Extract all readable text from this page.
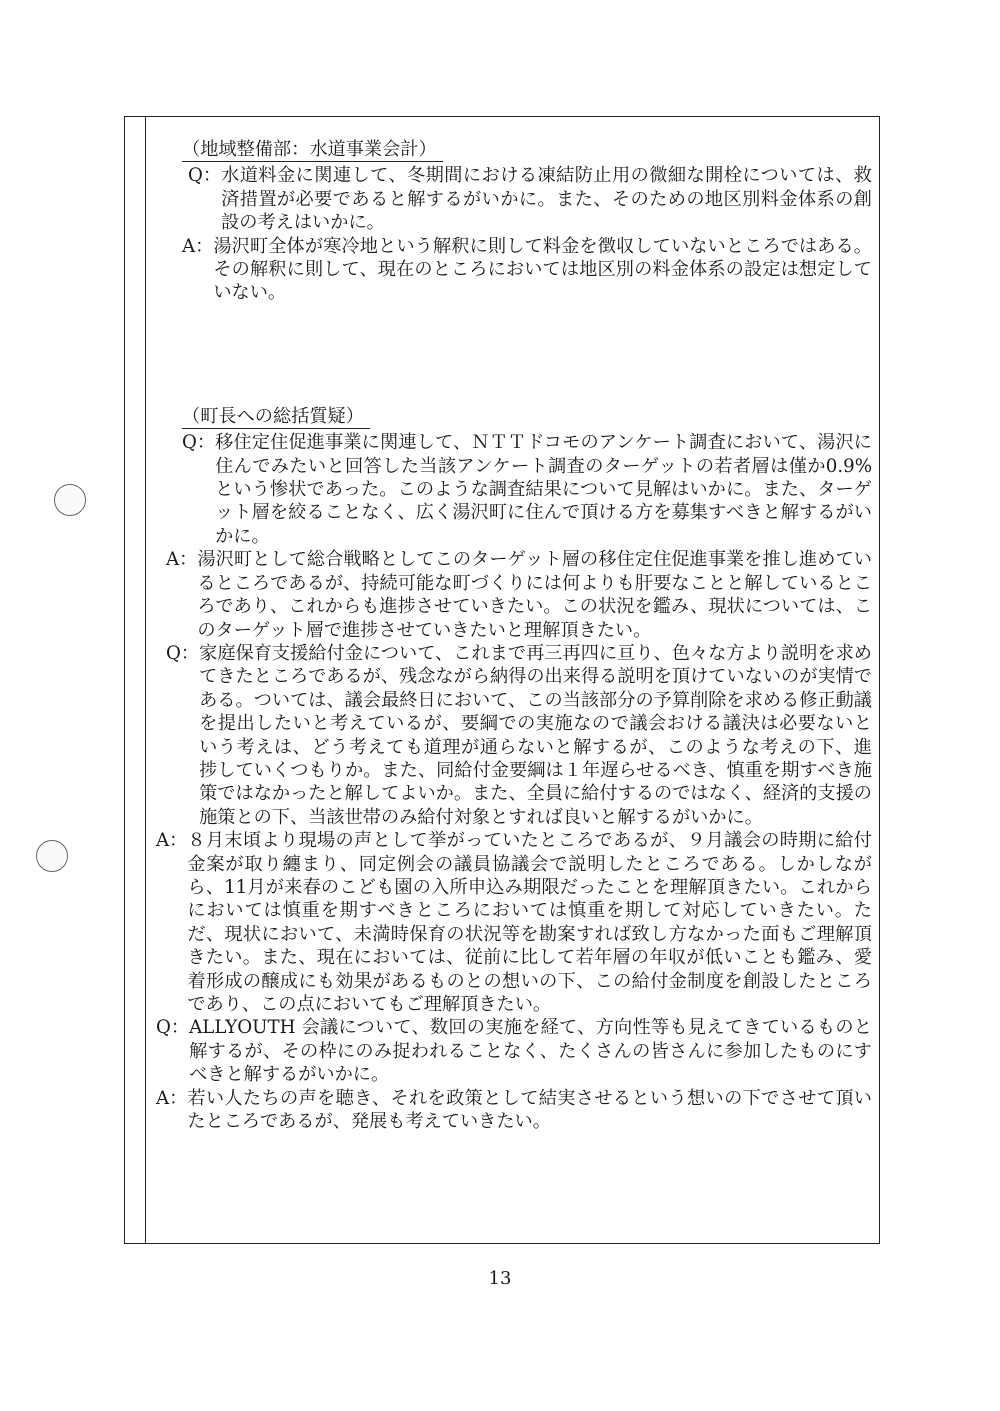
（地域整備部：水道事業会計）
Q： 水道料金に関連して、冬期間における凍結防止用の微細な開栓については、救済措置が必要であると解するがいかに。また、そのための地区別料金体系の創設の考えはいかに。
A： 湯沢町全体が寒冷地という解釈に則して料金を徴収していないところではある。その解釈に則して、現在のところにおいては地区別の料金体系の設定は想定していない。
（町長への総括質疑）
Q： 移住定住促進事業に関連して、ＮＴＴドコモのアンケート調査において、湯沢に住んでみたいと回答した当該アンケート調査のターゲットの若者層は僅か0.9%という惨状であった。このような調査結果について見解はいかに。また、ターゲット層を絞ることなく、広く湯沢町に住んで頂ける方を募集すべきと解するがいかに。
A： 湯沢町として総合戦略としてこのターゲット層の移住定住促進事業を推し進めているところであるが、持続可能な町づくりには何よりも肝要なことと解しているところであり、これからも進捗させていきたい。この状況を鑑み、現状については、このターゲット層で進捗させていきたいと理解頂きたい。
Q： 家庭保育支援給付金について、これまで再三再四に亘り、色々な方より説明を求めてきたところであるが、残念ながら納得の出来得る説明を頂けていないのが実情である。ついては、議会最終日において、この当該部分の予算削除を求める修正動議を提出したいと考えているが、要綱での実施なので議会おける議決は必要ないという考えは、どう考えても道理が通らないと解するが、このような考えの下、進捗していくつもりか。また、同給付金要綱は１年遅らせるべき、慎重を期すべき施策ではなかったと解してよいか。また、全員に給付するのではなく、経済的支援の施策との下、当該世帯のみ給付対象とすれば良いと解するがいかに。
A： ８月末頃より現場の声として挙がっていたところであるが、９月議会の時期に給付金案が取り纏まり、同定例会の議員協議会で説明したところである。しかしながら、11月が来春のこども園の入所申込み期限だったことを理解頂きたい。これからにおいては慎重を期すべきところにおいては慎重を期して対応していきたい。ただ、現状において、未満時保育の状況等を勘案すれば致し方なかった面もご理解頂きたい。また、現在においては、従前に比して若年層の年収が低いことも鑑み、愛着形成の醸成にも効果があるものとの想いの下、この給付金制度を創設したところであり、この点においてもご理解頂きたい。
Q： ALLYOUTH 会議について、数回の実施を経て、方向性等も見えてきているものと解するが、その枠にのみ捉われることなく、たくさんの皆さんに参加したものにすべきと解するがいかに。
A： 若い人たちの声を聴き、それを政策として結実させるという想いの下でさせて頂いたところであるが、発展も考えていきたい。
13
